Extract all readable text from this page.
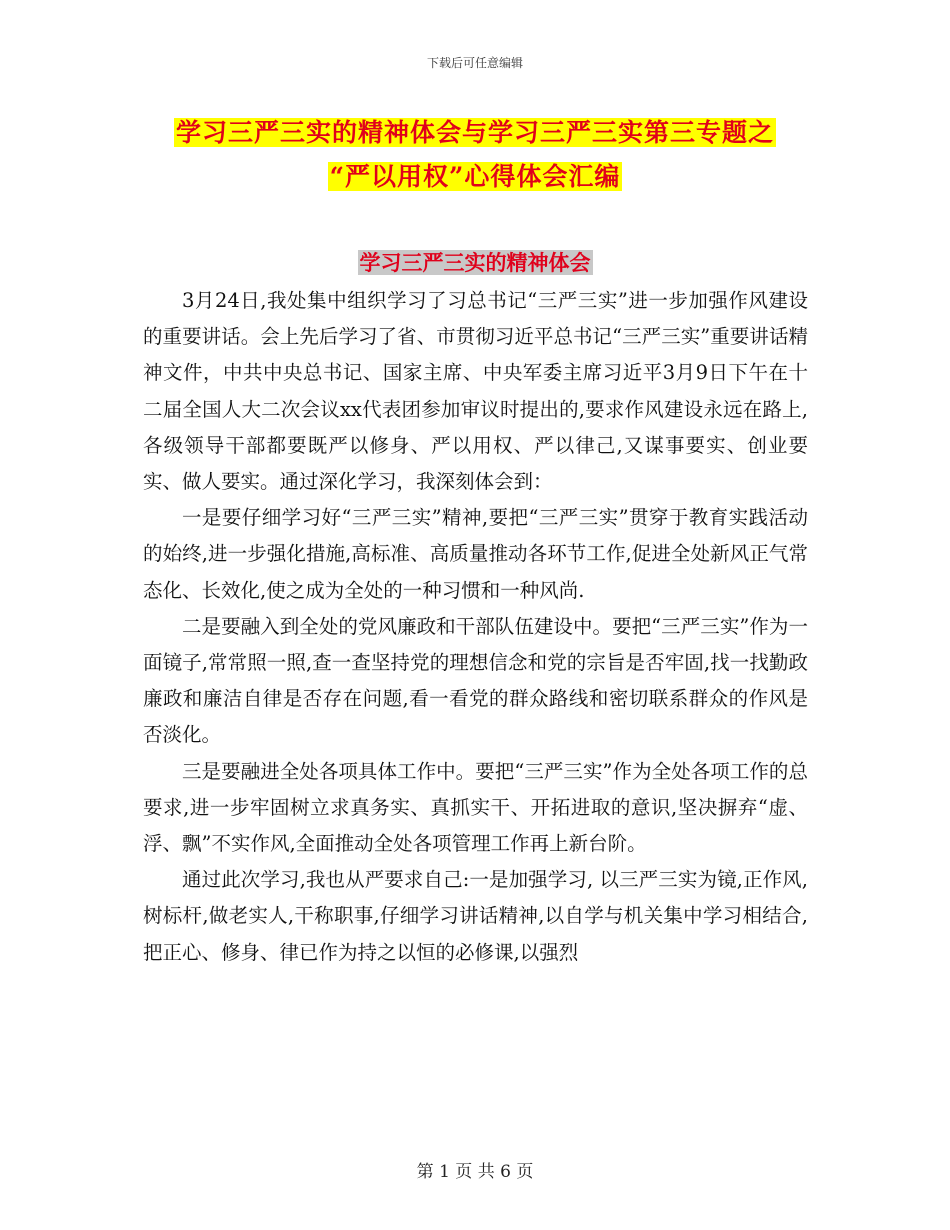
下载后可任意编辑
学习三严三实的精神体会与学习三严三实第三专题之
“严以用权”心得体会汇编
学习三严三实的精神体会

3月24日,我处集中组织学习了习总书记“三严三实”进一步加强作风建设的重要讲话。会上先后学习了省、市贯彻习近平总书记“三严三实”重要讲话精神文件，中共中央总书记、国家主席、中央军委主席习近平3月9日下午在十二届全国人大二次会议xx代表团参加审议时提出的,要求作风建设永远在路上,各级领导干部都要既严以修身、严以用权、严以律己,又谋事要实、创业要实、做人要实。通过深化学习，我深刻体会到：

一是要仔细学习好“三严三实”精神,要把“三严三实”贯穿于教育实践活动的始终,进一步强化措施,高标准、高质量推动各环节工作,促进全处新风正气常态化、长效化,使之成为全处的一种习惯和一种风尚.

二是要融入到全处的党风廉政和干部队伍建设中。要把“三严三实”作为一面镜子,常常照一照,查一查坚持党的理想信念和党的宗旨是否牢固,找一找勤政廉政和廉洁自律是否存在问题,看一看党的群众路线和密切联系群众的作风是否淡化。

三是要融进全处各项具体工作中。要把“三严三实”作为全处各项工作的总要求,进一步牢固树立求真务实、真抓实干、开拓进取的意识,坚决摒弃“虚、浮、飘”不实作风,全面推动全处各项管理工作再上新台阶。

通过此次学习,我也从严要求自己:一是加强学习, 以三严三实为镜,正作风,树标杆,做老实人,干称职事,仔细学习讲话精神,以自学与机关集中学习相结合,把正心、修身、律已作为持之以恒的必修课,以强烈

第 1 页 共 6 页
